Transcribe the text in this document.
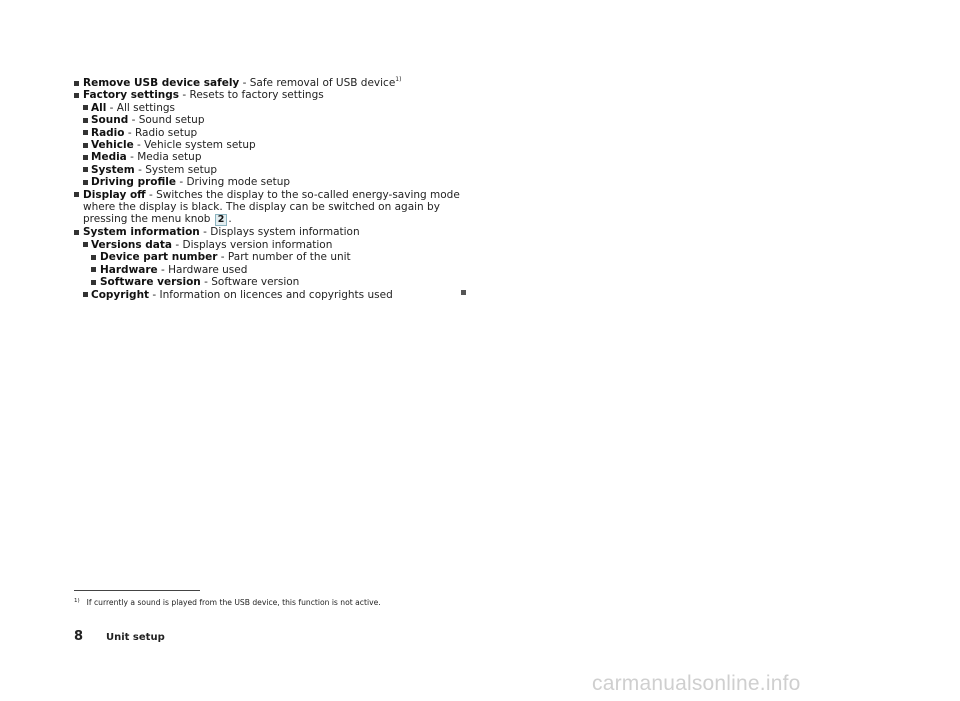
Remove USB device safely - Safe removal of USB device$^{1)}$
Factory settings - Resets to factory settings
All - All settings
Sound - Sound setup
Radio - Radio setup
Vehicle - Vehicle system setup
Media - Media setup
System - System setup
Driving profile - Driving mode setup
Display off - Switches the display to the so-called energy-saving mode where the display is black. The display can be switched on again by pressing the menu knob 2 .
System information - Displays system information
Versions data - Displays version information
Device part number - Part number of the unit
Hardware - Hardware used
Software version - Software version
Copyright - Information on licences and copyrights used
$^{1)}$ If currently a sound is played from the USB device, this function is not active.
8 Unit setup
carmanualsonline.info
